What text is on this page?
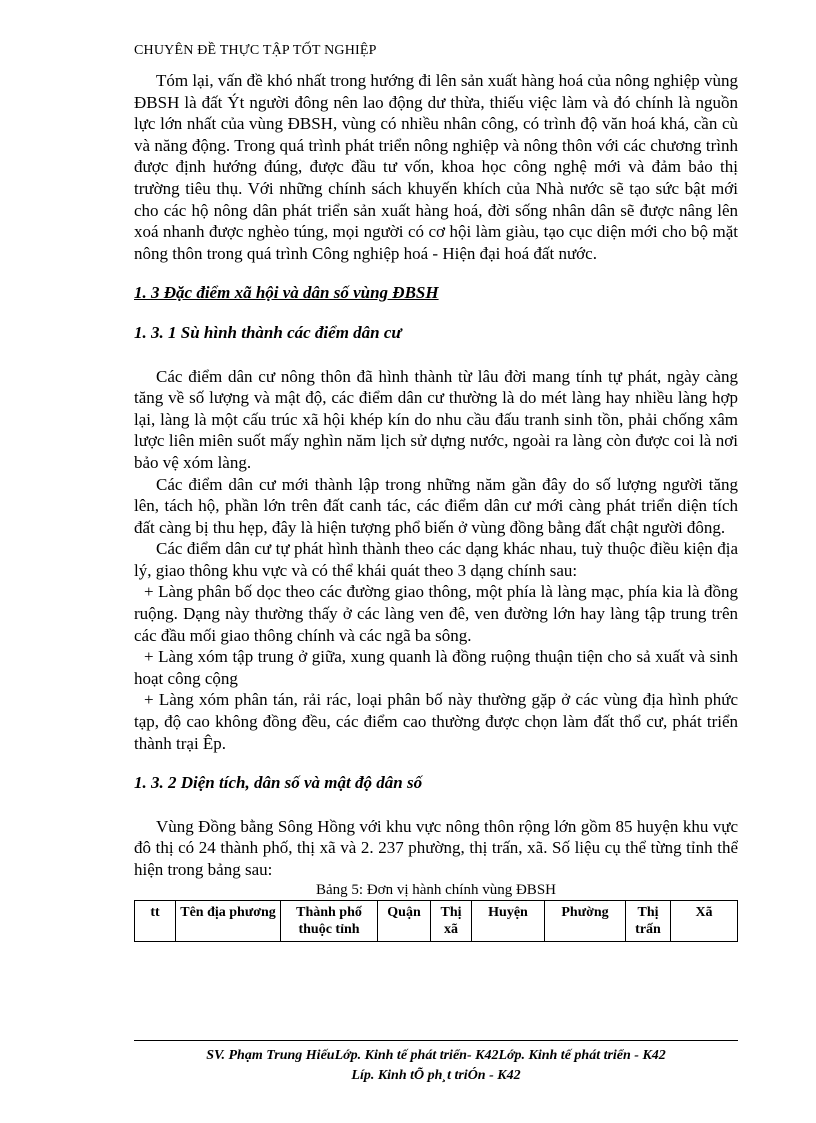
CHUYÊN ĐỀ THỰC TẬP TỐT NGHIỆP

Tóm lại, vấn đề khó nhất trong hướng đi lên sản xuất hàng hoá của nông nghiệp vùng ĐBSH là đất Ýt người đông nên lao động dư thừa, thiếu việc làm và đó chính là nguồn lực lớn nhất của vùng ĐBSH, vùng có nhiều nhân công, có trình độ văn hoá khá, cần cù và năng động. Trong quá trình phát triển nông nghiệp và nông thôn với các chương trình được định hướng đúng, được đầu tư vốn, khoa học công nghệ mới và đảm bảo thị trường tiêu thụ. Với những chính sách khuyến khích của Nhà nước sẽ tạo sức bật mới cho các hộ nông dân phát triển sản xuất hàng hoá, đời sống nhân dân sẽ được nâng lên xoá nhanh được nghèo túng, mọi người có cơ hội làm giàu, tạo cục diện mới cho bộ mặt nông thôn trong quá trình Công nghiệp hoá - Hiện đại hoá đất nước.

1. 3 Đặc điểm xã hội và dân số vùng ĐBSH
1. 3. 1 Sù hình thành các điểm dân cư

Các điểm dân cư nông thôn đã hình thành từ lâu đời mang tính tự phát, ngày càng tăng về số lượng và mật độ, các điểm dân cư thường là do mét làng hay nhiều làng hợp lại, làng là một cấu trúc xã hội khép kín do nhu cầu đấu tranh sinh tồn, phải chống xâm lược liên miên suốt mấy nghìn năm lịch sử dựng nước, ngoài ra làng còn được coi là nơi bảo vệ xóm làng.

Các điểm dân cư mới thành lập trong những năm gần đây do số lượng người tăng lên, tách hộ, phần lớn trên đất canh tác, các điểm dân cư mới càng phát triển diện tích đất càng bị thu hẹp, đây là hiện tượng phổ biến ở vùng đồng bằng đất chật người đông.

Các điểm dân cư tự phát hình thành theo các dạng khác nhau, tuỳ thuộc điều kiện địa lý, giao thông khu vực và có thể khái quát theo 3 dạng chính sau:

+ Làng phân bố dọc theo các đường giao thông, một phía là làng mạc, phía kia là đồng ruộng. Dạng này thường thấy ở các làng ven đê, ven đường lớn hay làng tập trung trên các đầu mối giao thông chính và các ngã ba sông.

+ Làng xóm tập trung ở giữa, xung quanh là đồng ruộng thuận tiện cho sả xuất và sinh hoạt công cộng

+ Làng xóm phân tán, rải rác, loại phân bố này thường gặp ở các vùng địa hình phức tạp, độ cao không đồng đều, các điểm cao thường được chọn làm đất thổ cư, phát triển thành trại Êp.

1. 3. 2 Diện tích, dân số và mật độ dân số

Vùng Đồng bằng Sông Hồng với khu vực nông thôn rộng lớn gồm 85 huyện khu vực đô thị có 24 thành phố, thị xã và 2. 237 phường, thị trấn, xã. Số liệu cụ thể từng tỉnh thể hiện trong bảng sau:

Bảng 5: Đơn vị hành chính vùng ĐBSH

tt	Tên địa phương	Thành phố thuộc tỉnh	Quận	Thị xã	Huyện	Phường	Thị trấn	Xã
SV. Phạm Trung HiếuLớp. Kinh tế phát triển- K42Lớp. Kinh tế phát triển - K42
Líp. Kinh tÕ ph¸t triÓn - K42
